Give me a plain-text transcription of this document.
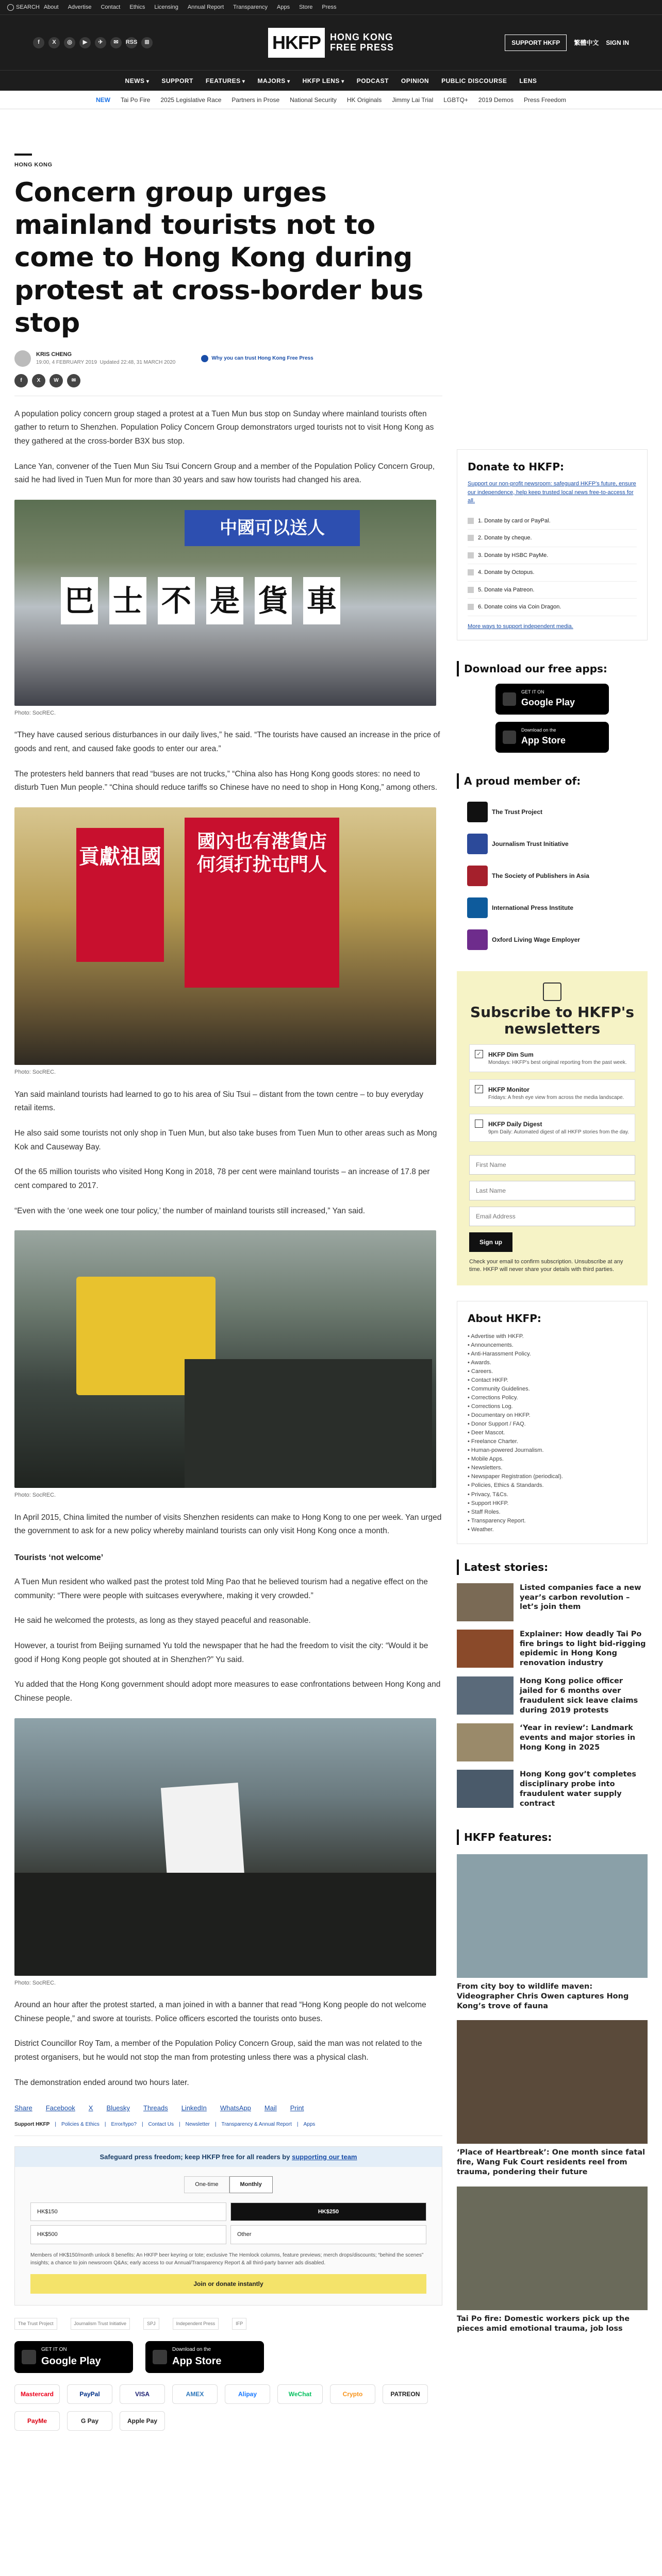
SEARCH About Advertise Contact Ethics Licensing Annual Report Transparency Apps Store Press
f	X	◎	▶	✈	✉	RSS	⊞	HKFP	HONG KONG
FREE PRESS	SUPPORT HKFP	繁體中文 SIGN IN
NEWS ▾	SUPPORT FEATURES ▾	MAJORS ▾	HKFP LENS ▾	PODCAST OPINION PUBLIC DISCOURSE LENS
NEW Tai Po Fire 2025 Legislative Race Partners in Prose National Security HK Originals Jimmy Lai Trial LGBTQ+ 2019 Demos Press Freedom
HONG KONG
Concern group urges mainland tourists not to come to Hong Kong during protest at cross-border bus stop
KRIS CHENG
19:00, 4 FEBRUARY 2019 Updated 22:48, 31 MARCH 2020
Why you can trust Hong Kong Free Press
f	X	W	✉

A population policy concern group staged a protest at a Tuen Mun bus stop on Sunday where mainland tourists often gather to return to Shenzhen. Population Policy Concern Group demonstrators urged tourists not to visit Hong Kong as they gathered at the cross-border B3X bus stop.

Lance Yan, convener of the Tuen Mun Siu Tsui Concern Group and a member of the Population Policy Concern Group, said he had lived in Tuen Mun for more than 30 years and saw how tourists had changed his area.

中國可以送人
巴 士 不 是 貨 車
Photo: SocREC.

“They have caused serious disturbances in our daily lives,” he said. “The tourists have caused an increase in the price of goods and rent, and caused fake goods to enter our area.”

The protesters held banners that read “buses are not trucks,” “China also has Hong Kong goods stores: no need to disturb Tuen Mun people.” “China should reduce tariffs so Chinese have no need to shop in Hong Kong,” among others.

貢獻祖國
國內也有港貨店何須打扰屯門人
Photo: SocREC.

Yan said mainland tourists had learned to go to his area of Siu Tsui – distant from the town centre – to buy everyday retail items.

He also said some tourists not only shop in Tuen Mun, but also take buses from Tuen Mun to other areas such as Mong Kok and Causeway Bay.

Of the 65 million tourists who visited Hong Kong in 2018, 78 per cent were mainland tourists – an increase of 17.8 per cent compared to 2017.

“Even with the ‘one week one tour policy,’ the number of mainland tourists still increased,” Yan said.

Photo: SocREC.

In April 2015, China limited the number of visits Shenzhen residents can make to Hong Kong to one per week. Yan urged the government to ask for a new policy whereby mainland tourists can only visit Hong Kong once a month.

Tourists ‘not welcome’

A Tuen Mun resident who walked past the protest told Ming Pao that he believed tourism had a negative effect on the community: “There were people with suitcases everywhere, making it very crowded.”

He said he welcomed the protests, as long as they stayed peaceful and reasonable.

However, a tourist from Beijing surnamed Yu told the newspaper that he had the freedom to visit the city: “Would it be good if Hong Kong people got shouted at in Shenzhen?” Yu said.

Yu added that the Hong Kong government should adopt more measures to ease confrontations between Hong Kong and Chinese people.

Photo: SocREC.

Around an hour after the protest started, a man joined in with a banner that read “Hong Kong people do not welcome Chinese people,” and swore at tourists. Police officers escorted the tourists onto buses.

District Councillor Roy Tam, a member of the Population Policy Concern Group, said the man was not related to the protest organisers, but he would not stop the man from protesting unless there was a physical clash.

The demonstration ended around two hours later.

Share Facebook X Bluesky Threads LinkedIn WhatsApp Mail Print
Support HKFP | Policies & Ethics | Error/typo? | Contact Us | Newsletter | Transparency & Annual Report | Apps
Safeguard press freedom; keep HKFP free for all readers by supporting our team
One-time	Monthly
HK$150	HK$250
HK$500	Other
Members of HK$150/month unlock 8 benefits: An HKFP beer keyring or tote; exclusive The Hemlock columns, feature previews; merch drops/discounts; “behind the scenes” insights; a chance to join newsroom Q&As; early access to our Annual/Transparency Report & all third-party banner ads disabled.
Join or donate instantly
The Trust Project	Journalism Trust Initiative	SPJ	Independent Press	IFP
GET IT ON
Google Play
Download on the
App Store
Mastercard	PayPal	VISA	AMEX	Alipay	WeChat	Crypto	PATREON
PayMe	G Pay	Apple Pay
Donate to HKFP:
Support our non-profit newsroom: safeguard HKFP's future, ensure our independence, help keep trusted local news free-to-access for all.
1. Donate by card or PayPal.
2. Donate by cheque.
3. Donate by HSBC PayMe.
4. Donate by Octopus.
5. Donate via Patreon.
6. Donate coins via Coin Dragon.
More ways to support independent media.
Download our free apps:
GET IT ON
Google Play
Download on the
App Store
A proud member of:
The Trust Project
Journalism Trust Initiative
The Society of Publishers in Asia
International Press Institute
Oxford Living Wage Employer
Subscribe to HKFP's newsletters
✓ HKFP Dim Sum
Mondays: HKFP's best original reporting from the past week.
✓ HKFP Monitor
Fridays: A fresh eye view from across the media landscape.
HKFP Daily Digest
9pm Daily: Automated digest of all HKFP stories from the day.
First Name Last Name Email Address Sign up
Check your email to confirm subscription. Unsubscribe at any time. HKFP will never share your details with third parties.
About HKFP:
• Advertise with HKFP.
• Announcements.
• Anti-Harassment Policy.
• Awards.
• Careers.
• Contact HKFP.
• Community Guidelines.
• Corrections Policy.
• Corrections Log.
• Documentary on HKFP.
• Donor Support / FAQ.
• Deer Mascot.
• Freelance Charter.
• Human-powered Journalism.
• Mobile Apps.
• Newsletters.
• Newspaper Registration (periodical).
• Policies, Ethics & Standards.
• Privacy, T&Cs.
• Support HKFP.
• Staff Roles.
• Transparency Report.
• Weather.
Latest stories:
Listed companies face a new year’s carbon revolution – let’s join them
Explainer: How deadly Tai Po fire brings to light bid-rigging epidemic in Hong Kong renovation industry
Hong Kong police officer jailed for 6 months over fraudulent sick leave claims during 2019 protests
‘Year in review’: Landmark events and major stories in Hong Kong in 2025
Hong Kong gov’t completes disciplinary probe into fraudulent water supply contract
HKFP features:
From city boy to wildlife maven: Videographer Chris Owen captures Hong Kong’s trove of fauna
‘Place of Heartbreak’: One month since fatal fire, Wang Fuk Court residents reel from trauma, pondering their future
Tai Po fire: Domestic workers pick up the pieces amid emotional trauma, job loss
